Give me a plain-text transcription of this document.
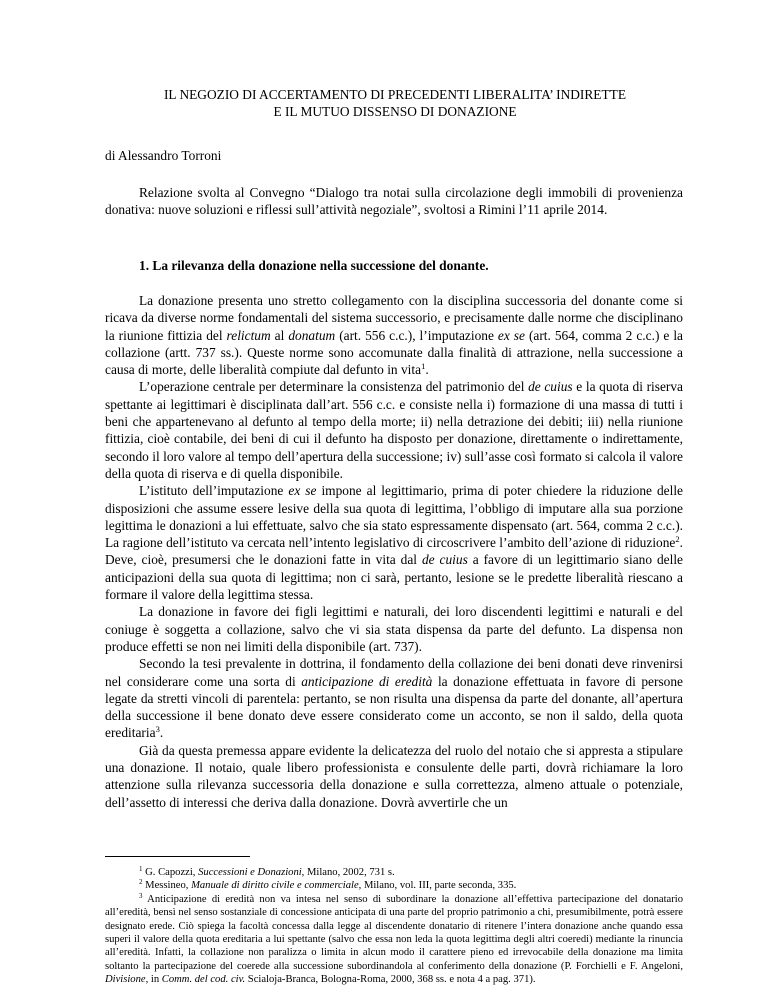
IL NEGOZIO DI ACCERTAMENTO DI PRECEDENTI LIBERALITA’ INDIRETTE
E IL MUTUO DISSENSO DI DONAZIONE
di Alessandro Torroni
Relazione svolta al Convegno “Dialogo tra notai sulla circolazione degli immobili di provenienza donativa: nuove soluzioni e riflessi sull’attività negoziale”, svoltosi a Rimini l’11 aprile 2014.
1. La rilevanza della donazione nella successione del donante.

La donazione presenta uno stretto collegamento con la disciplina successoria del donante come si ricava da diverse norme fondamentali del sistema successorio, e precisamente dalle norme che disciplinano la riunione fittizia del relictum al donatum (art. 556 c.c.), l’imputazione ex se (art. 564, comma 2 c.c.) e la collazione (artt. 737 ss.). Queste norme sono accomunate dalla finalità di attrazione, nella successione a causa di morte, delle liberalità compiute dal defunto in vita$^1$.

L’operazione centrale per determinare la consistenza del patrimonio del de cuius e la quota di riserva spettante ai legittimari è disciplinata dall’art. 556 c.c. e consiste nella i) formazione di una massa di tutti i beni che appartenevano al defunto al tempo della morte; ii) nella detrazione dei debiti; iii) nella riunione fittizia, cioè contabile, dei beni di cui il defunto ha disposto per donazione, direttamente o indirettamente, secondo il loro valore al tempo dell’apertura della successione; iv) sull’asse così formato si calcola il valore della quota di riserva e di quella disponibile.

L’istituto dell’imputazione ex se impone al legittimario, prima di poter chiedere la riduzione delle disposizioni che assume essere lesive della sua quota di legittima, l’obbligo di imputare alla sua porzione legittima le donazioni a lui effettuate, salvo che sia stato espressamente dispensato (art. 564, comma 2 c.c.). La ragione dell’istituto va cercata nell’intento legislativo di circoscrivere l’ambito dell’azione di riduzione$^2$. Deve, cioè, presumersi che le donazioni fatte in vita dal de cuius a favore di un legittimario siano delle anticipazioni della sua quota di legittima; non ci sarà, pertanto, lesione se le predette liberalità riescano a formare il valore della legittima stessa.

La donazione in favore dei figli legittimi e naturali, dei loro discendenti legittimi e naturali e del coniuge è soggetta a collazione, salvo che vi sia stata dispensa da parte del defunto. La dispensa non produce effetti se non nei limiti della disponibile (art. 737).

Secondo la tesi prevalente in dottrina, il fondamento della collazione dei beni donati deve rinvenirsi nel considerare come una sorta di anticipazione di eredità la donazione effettuata in favore di persone legate da stretti vincoli di parentela: pertanto, se non risulta una dispensa da parte del donante, all’apertura della successione il bene donato deve essere considerato come un acconto, se non il saldo, della quota ereditaria$^3$.

Già da questa premessa appare evidente la delicatezza del ruolo del notaio che si appresta a stipulare una donazione. Il notaio, quale libero professionista e consulente delle parti, dovrà richiamare la loro attenzione sulla rilevanza successoria della donazione e sulla correttezza, almeno attuale o potenziale, dell’assetto di interessi che deriva dalla donazione. Dovrà avvertirle che un

$^1$ G. Capozzi, Successioni e Donazioni, Milano, 2002, 731 s.

$^2$ Messineo, Manuale di diritto civile e commerciale, Milano, vol. III, parte seconda, 335.

$^3$ Anticipazione di eredità non va intesa nel senso di subordinare la donazione all’effettiva partecipazione del donatario all’eredità, bensì nel senso sostanziale di concessione anticipata di una parte del proprio patrimonio a chi, presumibilmente, potrà essere designato erede. Ciò spiega la facoltà concessa dalla legge al discendente donatario di ritenere l’intera donazione anche quando essa superi il valore della quota ereditaria a lui spettante (salvo che essa non leda la quota legittima degli altri coeredi) mediante la rinuncia all’eredità. Infatti, la collazione non paralizza o limita in alcun modo il carattere pieno ed irrevocabile della donazione ma limita soltanto la partecipazione del coerede alla successione subordinandola al conferimento della donazione (P. Forchielli e F. Angeloni, Divisione, in Comm. del cod. civ. Scialoja-Branca, Bologna-Roma, 2000, 368 ss. e nota 4 a pag. 371).
